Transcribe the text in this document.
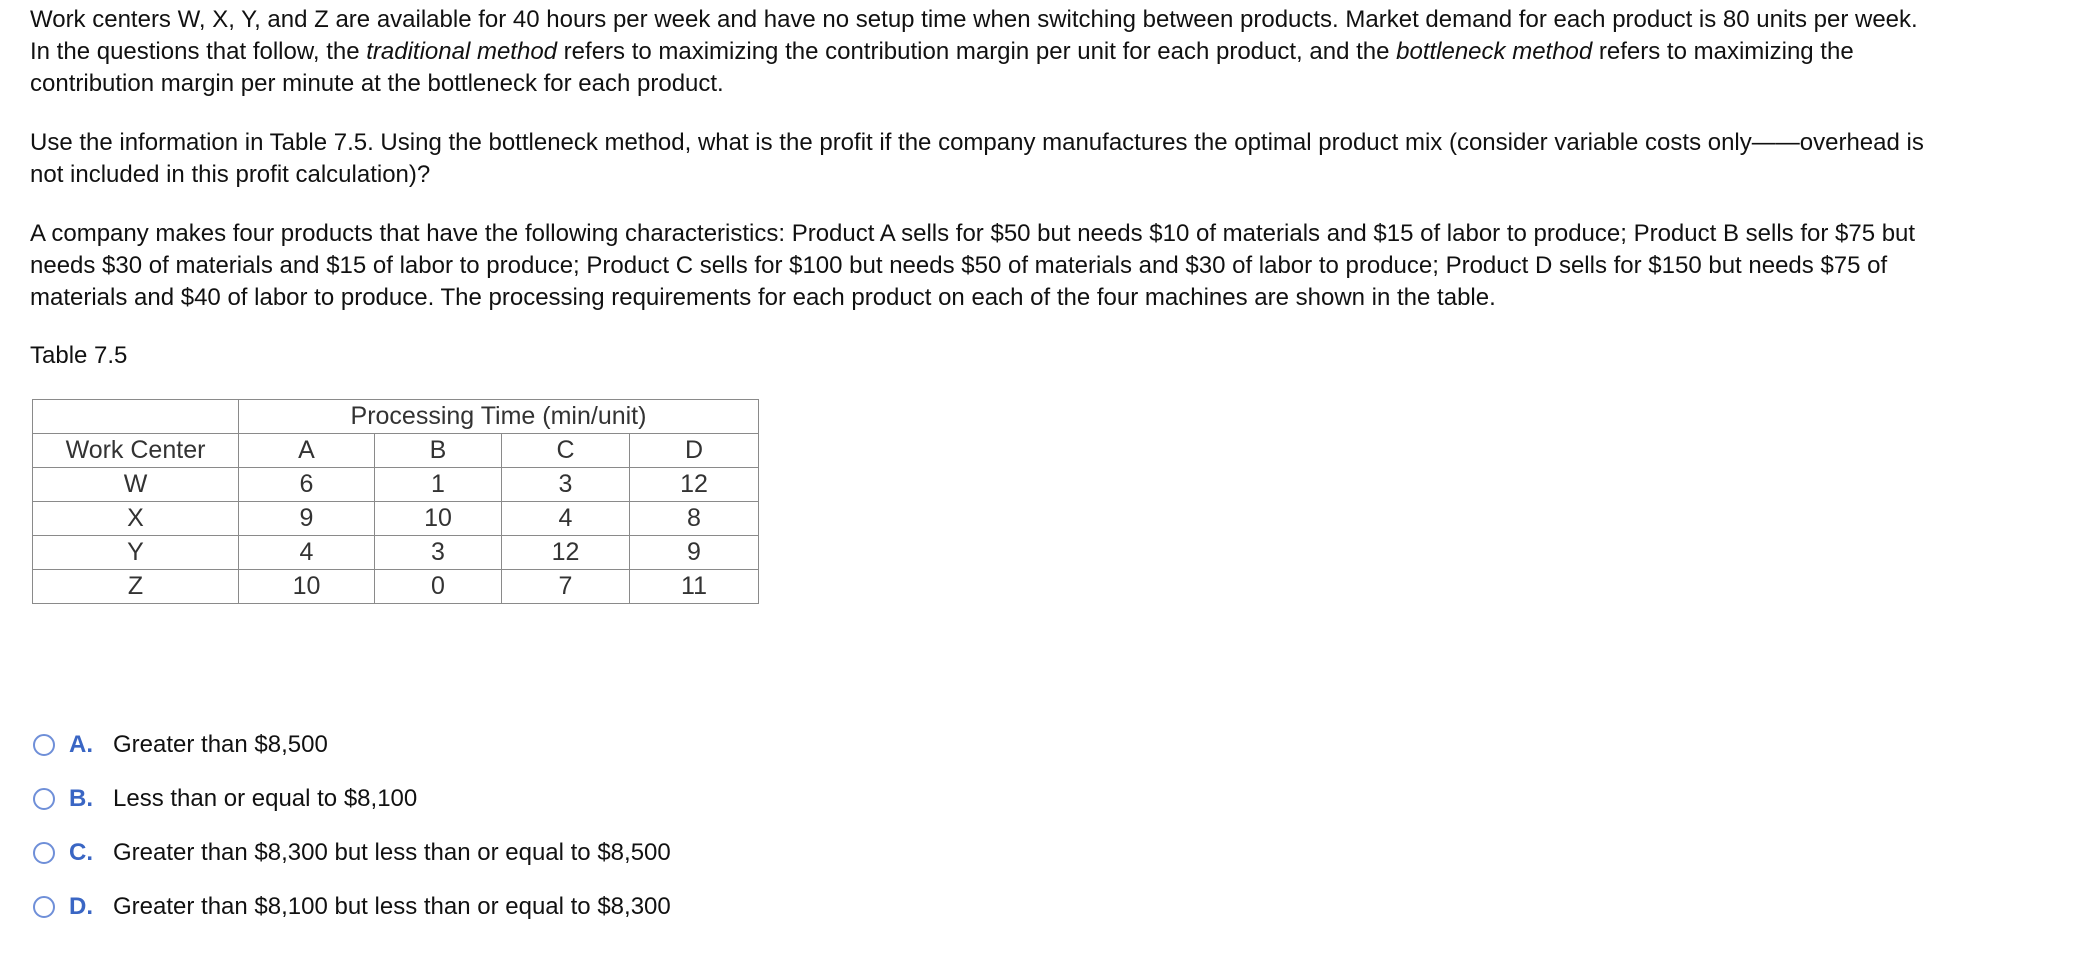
Work centers W, X, Y, and Z are available for 40 hours per week and have no setup time when switching between products. Market demand for each product is 80 units per week.
In the questions that follow, the traditional method refers to maximizing the contribution margin per unit for each product, and the bottleneck method refers to maximizing the
contribution margin per minute at the bottleneck for each product.

Use the information in Table 7.5. Using the bottleneck method, what is the profit if the company manufactures the optimal product mix (consider variable costs only——overhead is
not included in this profit calculation)?

A company makes four products that have the following characteristics: Product A sells for $50 but needs $10 of materials and $15 of labor to produce; Product B sells for $75 but
needs $30 of materials and $15 of labor to produce; Product C sells for $100 but needs $50 of materials and $30 of labor to produce; Product D sells for $150 but needs $75 of
materials and $40 of labor to produce. The processing requirements for each product on each of the four machines are shown in the table.

Table 7.5
	Processing Time (min/unit)			
Work Center	A	B	C	D
W	6	1	3	12
X	9	10	4	8
Y	4	3	12	9
Z	10	0	7	11
A. Greater than $8,500
B. Less than or equal to $8,100
C. Greater than $8,300 but less than or equal to $8,500
D. Greater than $8,100 but less than or equal to $8,300
